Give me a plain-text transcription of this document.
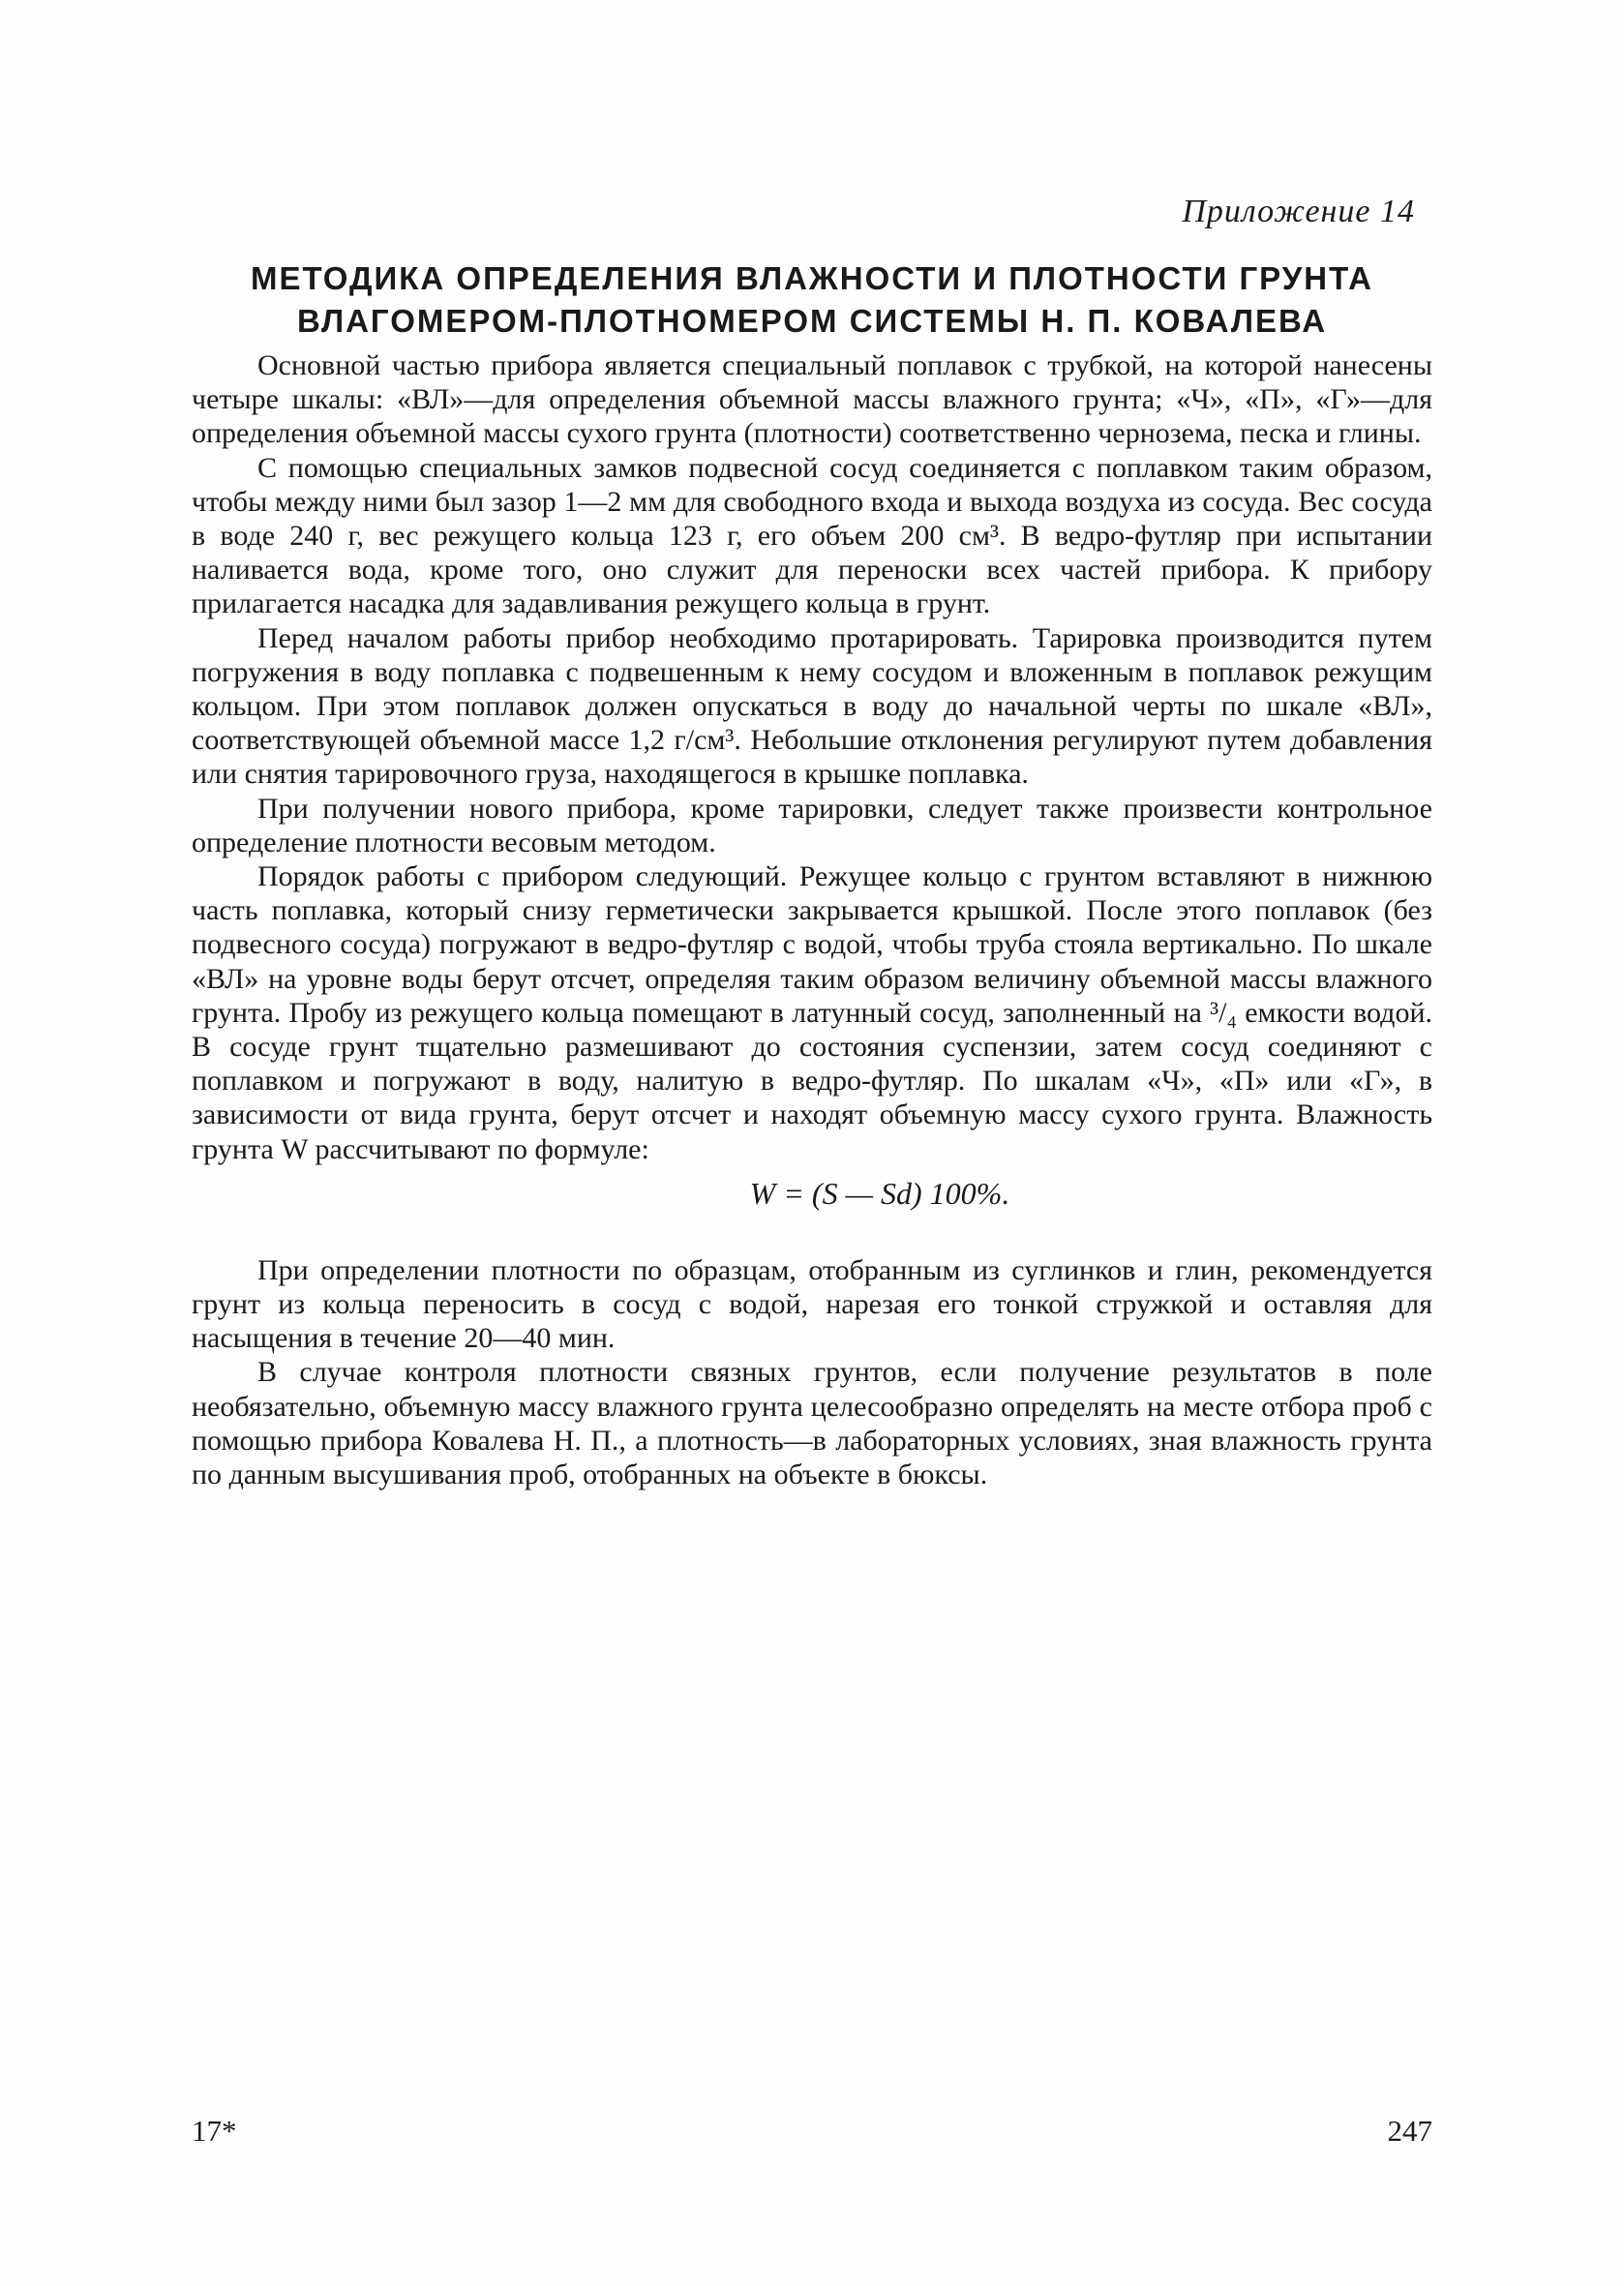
Приложение 14
МЕТОДИКА ОПРЕДЕЛЕНИЯ ВЛАЖНОСТИ И ПЛОТНОСТИ ГРУНТА
ВЛАГОМЕРОМ-ПЛОТНОМЕРОМ СИСТЕМЫ Н. П. КОВАЛЕВА

Основной частью прибора является специальный поплавок с трубкой, на которой нанесены четыре шкалы: «ВЛ»—для определения объемной массы влажного грунта; «Ч», «П», «Г»—для определения объемной массы сухого грунта (плотности) соответственно чернозема, песка и глины.

С помощью специальных замков подвесной сосуд соединяется с поплавком таким образом, чтобы между ними был зазор 1—2 мм для свободного входа и выхода воздуха из сосуда. Вес сосуда в воде 240 г, вес режущего кольца 123 г, его объем 200 см³. В ведро-футляр при испытании наливается вода, кроме того, оно служит для переноски всех частей прибора. К прибору прилагается насадка для задавливания режущего кольца в грунт.

Перед началом работы прибор необходимо протарировать. Тарировка производится путем погружения в воду поплавка с подвешенным к нему сосудом и вложенным в поплавок режущим кольцом. При этом поплавок должен опускаться в воду до начальной черты по шкале «ВЛ», соответствующей объемной массе 1,2 г/см³. Небольшие отклонения регулируют путем добавления или снятия тарировочного груза, находящегося в крышке поплавка.

При получении нового прибора, кроме тарировки, следует также произвести контрольное определение плотности весовым методом.

Порядок работы с прибором следующий. Режущее кольцо с грунтом вставляют в нижнюю часть поплавка, который снизу герметически закрывается крышкой. После этого поплавок (без подвесного сосуда) погружают в ведро-футляр с водой, чтобы труба стояла вертикально. По шкале «ВЛ» на уровне воды берут отсчет, определяя таким образом величину объемной массы влажного грунта. Пробу из режущего кольца помещают в латунный сосуд, заполненный на ³/₄ емкости водой. В сосуде грунт тщательно размешивают до состояния суспензии, затем сосуд соединяют с поплавком и погружают в воду, налитую в ведро-футляр. По шкалам «Ч», «П» или «Г», в зависимости от вида грунта, берут отсчет и находят объемную массу сухого грунта. Влажность грунта W рассчитывают по формуле:

W = (S — Sd) 100%.

При определении плотности по образцам, отобранным из суглинков и глин, рекомендуется грунт из кольца переносить в сосуд с водой, нарезая его тонкой стружкой и оставляя для насыщения в течение 20—40 мин.

В случае контроля плотности связных грунтов, если получение результатов в поле необязательно, объемную массу влажного грунта целесообразно определять на месте отбора проб с помощью прибора Ковалева Н. П., а плотность—в лабораторных условиях, зная влажность грунта по данным высушивания проб, отобранных на объекте в бюксы.

17*	247
